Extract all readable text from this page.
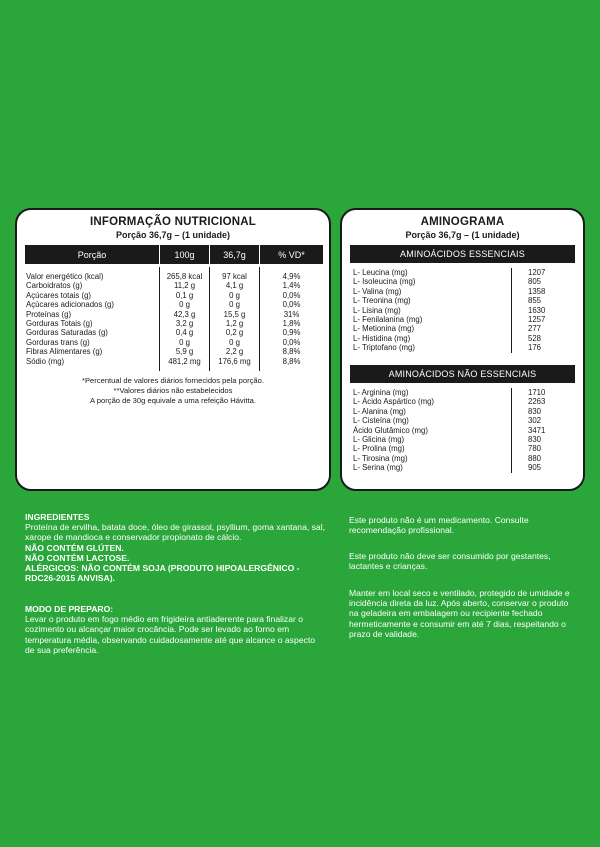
INFORMAÇÃO NUTRICIONAL
Porção 36,7g – (1 unidade)
Porção	100g	36,7g	% VD*
Valor energético (kcal)	265,8 kcal	97 kcal	4,9%
Carboidratos (g)	11,2 g	4,1 g	1,4%
Açúcares totais (g)	0,1 g	0 g	0,0%
Açúcares adicionados (g)	0 g	0 g	0,0%
Proteínas (g)	42,3 g	15,5 g	31%
Gorduras Totais (g)	3,2 g	1,2 g	1,8%
Gorduras Saturadas (g)	0,4 g	0,2 g	0,9%
Gorduras trans (g)	0 g	0 g	0,0%
Fibras Alimentares (g)	5,9 g	2,2 g	8,8%
Sódio (mg)	481,2 mg	176,6 mg	8,8%
*Percentual de valores diários fornecidos pela porção.
**Valores diários não estabelecidos
A porção de 30g equivale a uma refeição Hávitta.
AMINOGRAMA
Porção 36,7g – (1 unidade)
AMINOÁCIDOS ESSENCIAIS
L- Leucina (mg)	1207
L- Isoleucina (mg)	805
L- Valina (mg)	1358
L- Treonina (mg)	855
L- Lisina (mg)	1630
L- Fenilalanina (mg)	1257
L- Metionina (mg)	277
L- Histidina (mg)	528
L- Triptofano (mg)	176
AMINOÁCIDOS NÃO ESSENCIAIS
L- Arginina (mg)	1710
L- Ácido Aspártico (mg)	2263
L- Alanina (mg)	830
L- Cisteína (mg)	302
Ácido Glutâmico (mg)	3471
L- Glicina (mg)	830
L- Prolina (mg)	780
L- Tirosina (mg)	880
L- Serina (mg)	905

INGREDIENTES

Proteína de ervilha, batata doce, óleo de girassol, psyllium, goma xantana, sal, xarope de mandioca e conservador propionato de cálcio.

NÃO CONTÉM GLÚTEN.

NÃO CONTÉM LACTOSE.

ALÉRGICOS: NÃO CONTÉM SOJA (PRODUTO HIPOALERGÊNICO - RDC26-2015 ANVISA).

MODO DE PREPARO:

Levar o produto em fogo médio em frigideira antiaderente para finalizar o cozimento ou alcançar maior crocância. Pode ser levado ao forno em temperatura média, observando cuidadosamente até que alcance o aspecto de sua preferência.

Este produto não é um medicamento. Consulte recomendação profissional.
Este produto não deve ser consumido por gestantes, lactantes e crianças.
Manter em local seco e ventilado, protegido de umidade e incidência direta da luz. Após aberto, conservar o produto na geladeira em embalagem ou recipiente fechado hermeticamente e consumir em até 7 dias, respeitando o prazo de validade.
